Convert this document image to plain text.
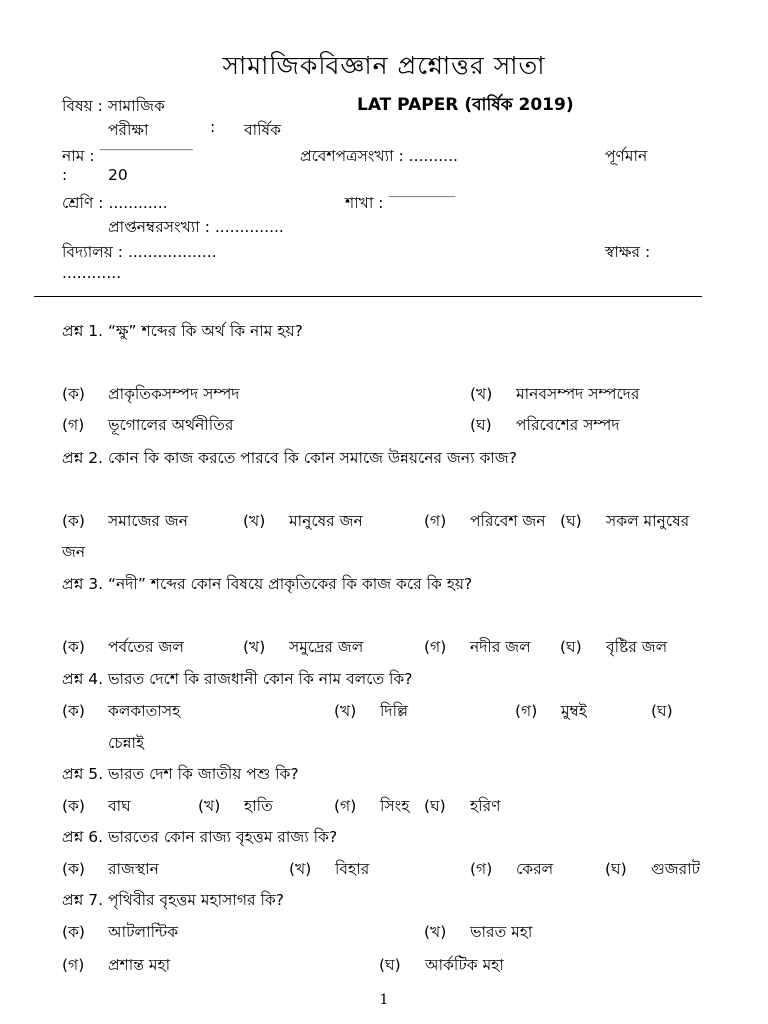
সামাজিকবিজ্ঞান প্রশ্নোত্তর সাতা
বিষয় : সামাজিক	LAT PAPER (বার্ষিক 2019)
পরীক্ষা	: বার্ষিক
নাম : ----------------------------------------------	প্রবেশপত্রসংখ্যা : ..........	পূর্ণমান
:	20
শ্রেণি : ............	শাখা : ---------------------------------
প্রাপ্তনম্বরসংখ্যা : ..............
বিদ্যালয় : ..................	স্বাক্ষর :
............
প্রশ্ন 1. “ক্ষু” শব্দের কি অর্থ কি নাম হয়?
(ক)	প্রাকৃতিকসম্পদ সম্পদ	(খ)	মানবসম্পদ সম্পদের
(গ)	ভূগোলের অর্থনীতির	(ঘ)	পরিবেশের সম্পদ
প্রশ্ন 2. কোন কি কাজ করতে পারবে কি কোন সমাজে উন্নয়নের জন্য কাজ?
(ক)	সমাজের জন	(খ)	মানুষের জন	(গ)	পরিবেশ জন (ঘ)	সকল মানুষের
জন
প্রশ্ন 3. “নদী” শব্দের কোন বিষয়ে প্রাকৃতিকের কি কাজ করে কি হয়?
(ক)	পর্বতের জল	(খ)	সমুদ্রের জল	(গ)	নদীর জল (ঘ)	বৃষ্টির জল
প্রশ্ন 4. ভারত দেশে কি রাজধানী কোন কি নাম বলতে কি?
(ক)	কলকাতাসহ	(খ)	দিল্লি	(গ)	মুম্বই	(ঘ)
চেন্নাই
প্রশ্ন 5. ভারত দেশ কি জাতীয় পশু কি?
(ক)	বাঘ	(খ)	হাতি	(গ)	সিংহ (ঘ)	হরিণ
প্রশ্ন 6. ভারতের কোন রাজ্য বৃহত্তম রাজ্য কি?
(ক)	রাজস্থান	(খ)	বিহার	(গ)	কেরল	(ঘ)	গুজরাট
প্রশ্ন 7. পৃথিবীর বৃহত্তম মহাসাগর কি?
(ক)	আটলান্টিক	(খ)	ভারত মহা
(গ)	প্রশান্ত মহা	(ঘ)	আর্কটিক মহা
1
